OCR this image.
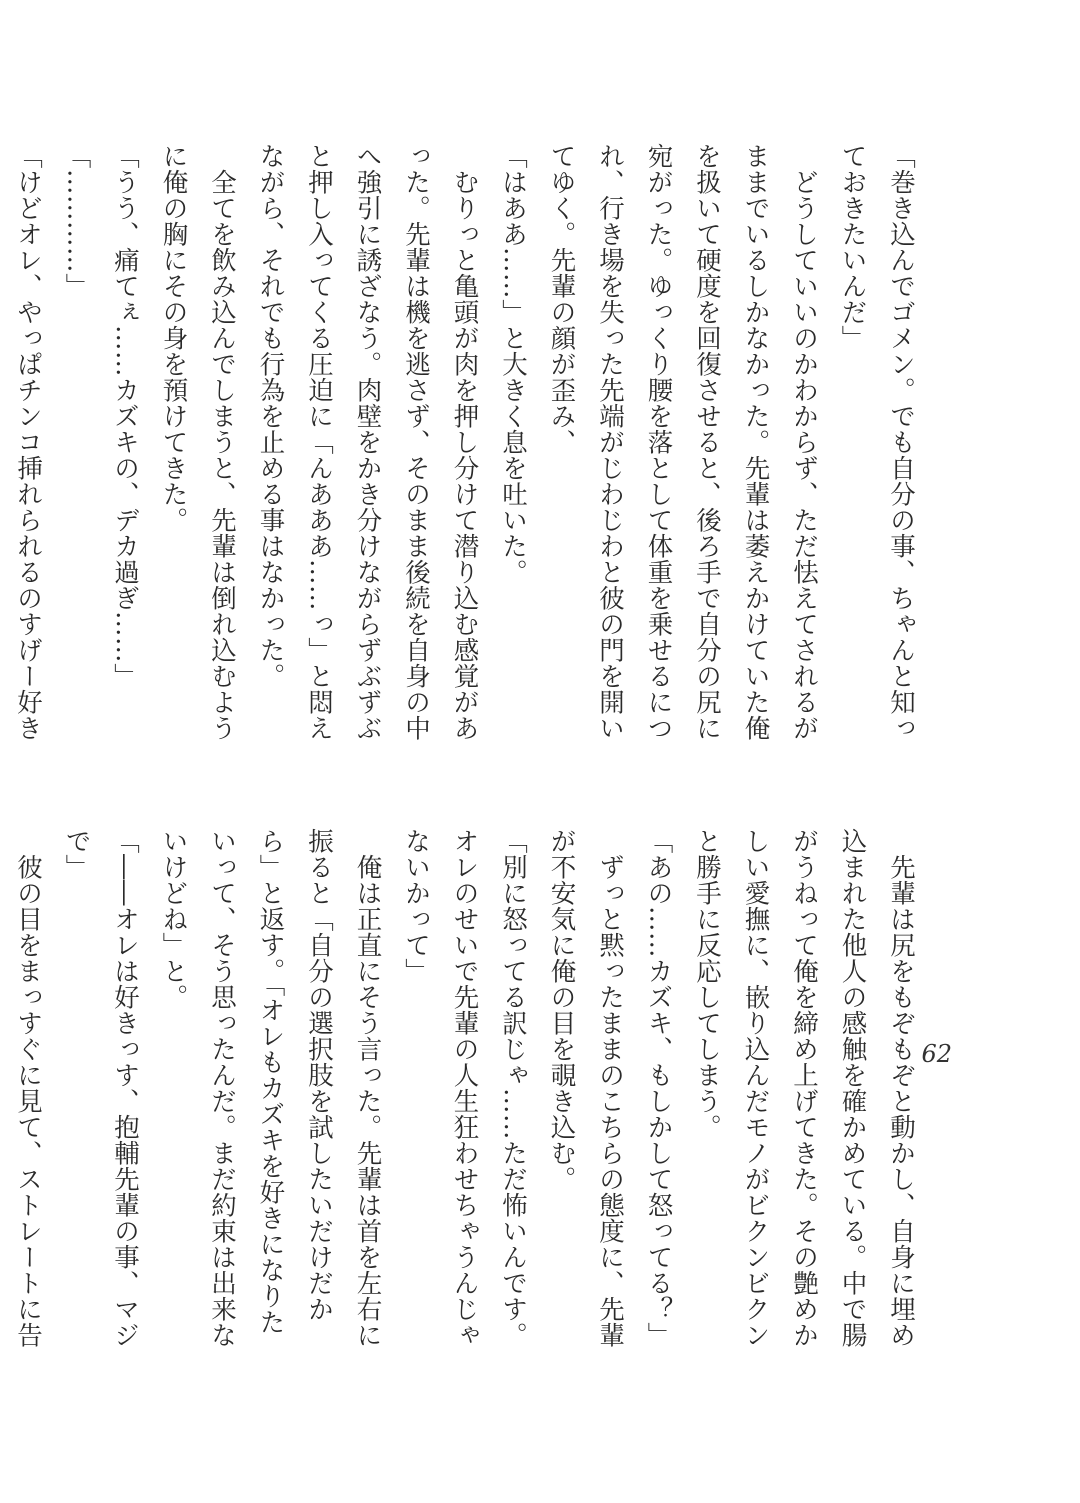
「巻き込んでゴメン。でも自分の事、ちゃんと知っておきたいんだ」

　どうしていいのかわからず、ただ怯えてされるがままでいるしかなかった。先輩は萎えかけていた俺を扱いて硬度を回復させると、後ろ手で自分の尻に宛がった。ゆっくり腰を落として体重を乗せるにつれ、行き場を失った先端がじわじわと彼の門を開いてゆく。先輩の顔が歪み、

「はああ……」と大きく息を吐いた。

　むりっと亀頭が肉を押し分けて潜り込む感覚があった。先輩は機を逃さず、そのまま後続を自身の中へ強引に誘ざなう。肉壁をかき分けながらずぶずぶと押し入ってくる圧迫に「んあああ……っ」と悶えながら、それでも行為を止める事はなかった。

　全てを飲み込んでしまうと、先輩は倒れ込むように俺の胸にその身を預けてきた。

「うう、痛てぇ……カズキの、デカ過ぎ……」

「…………」

「けどオレ、やっぱチンコ挿れられるのすげー好き

　先輩は尻をもぞもぞと動かし、自身に埋め込まれた他人の感触を確かめている。中で腸がうねって俺を締め上げてきた。その艶めかしい愛撫に、嵌り込んだモノがビクンビクンと勝手に反応してしまう。

「あの……カズキ、もしかして怒ってる？」

　ずっと黙ったままのこちらの態度に、先輩が不安気に俺の目を覗き込む。

「別に怒ってる訳じゃ……ただ怖いんです。オレのせいで先輩の人生狂わせちゃうんじゃないかって」

　俺は正直にそう言った。先輩は首を左右に振ると「自分の選択肢を試したいだけだから」と返す。「オレもカズキを好きになりたいって、そう思ったんだ。まだ約束は出来ないけどね」と。

「――オレは好きっす、抱輔先輩の事、マジで」

　彼の目をまっすぐに見て、ストレートに告

62
